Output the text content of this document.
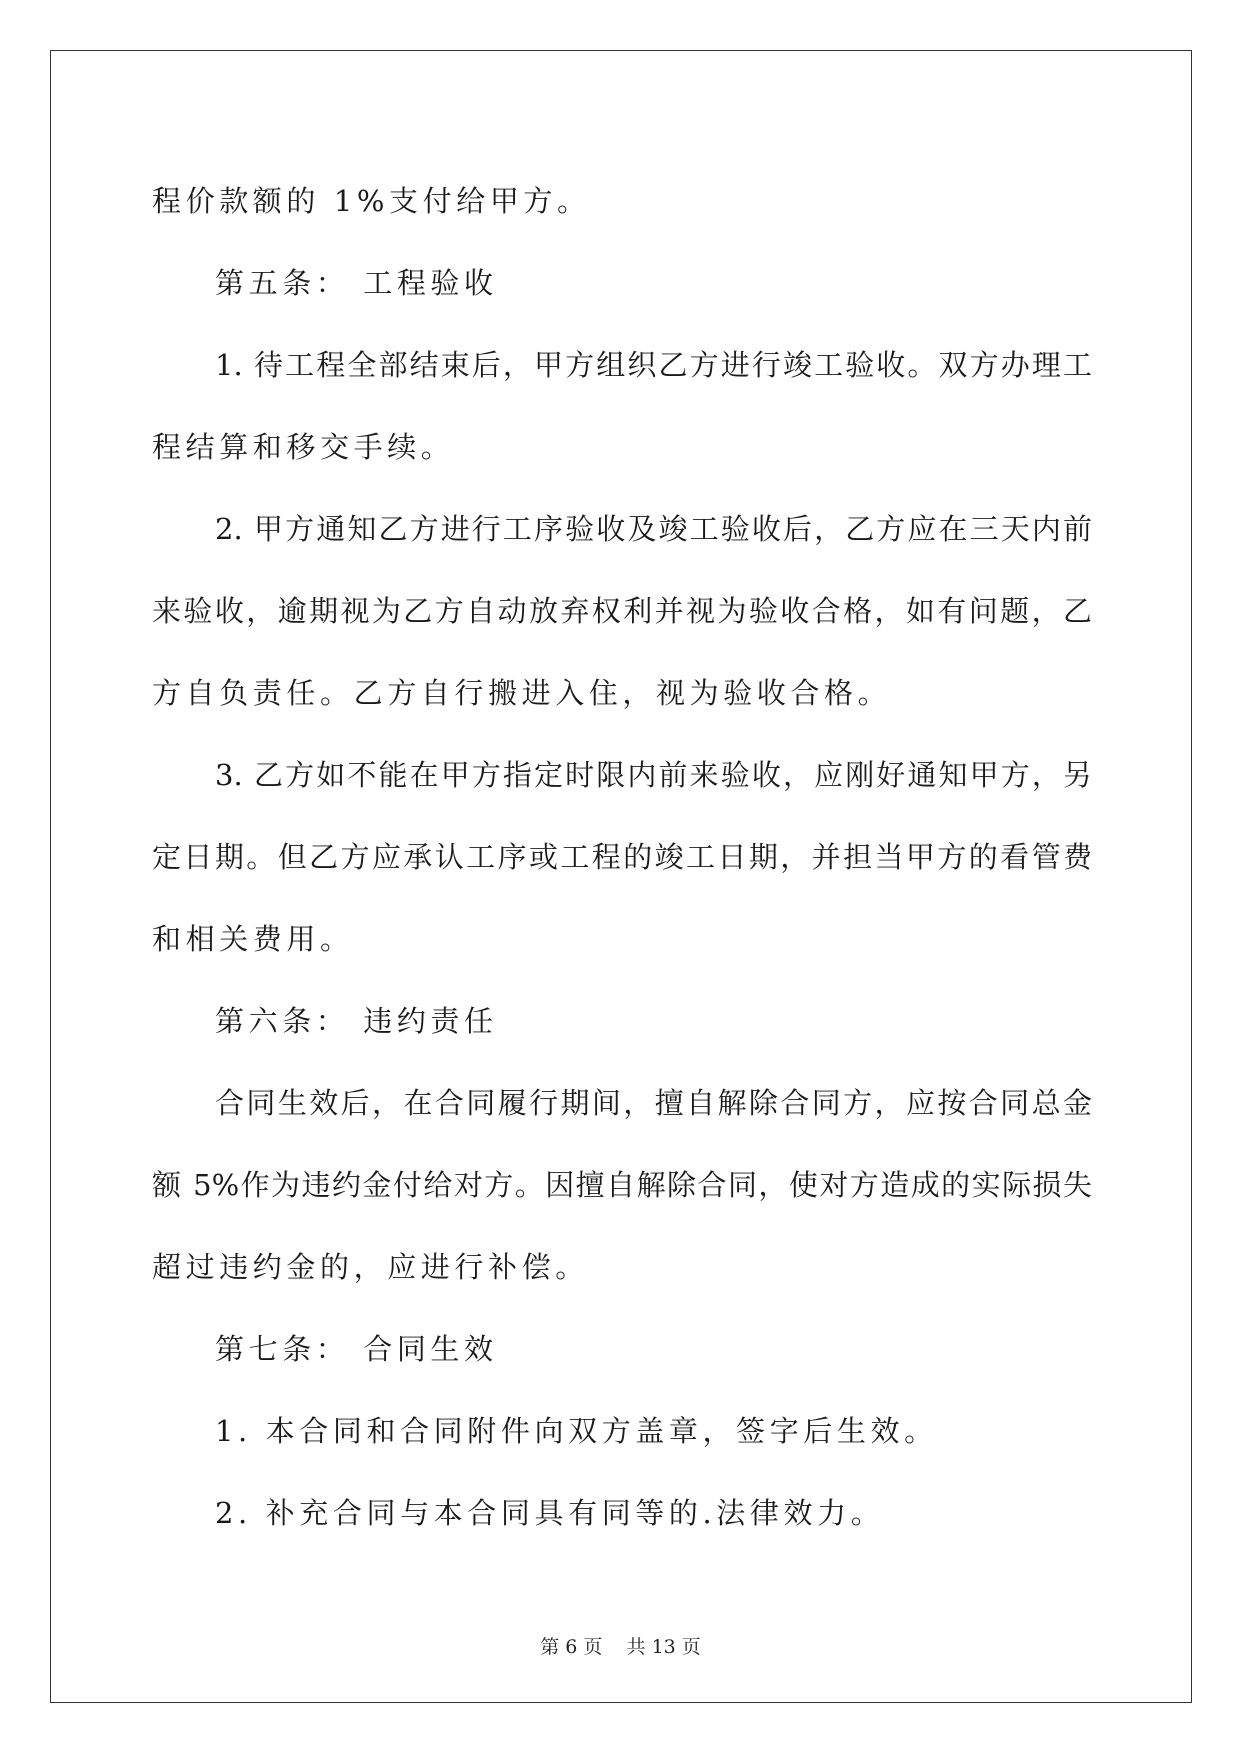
程价款额的 1%支付给甲方。
第五条： 工程验收
1. 待工程全部结束后，甲方组织乙方进行竣工验收。双方办理工
程结算和移交手续。
2. 甲方通知乙方进行工序验收及竣工验收后，乙方应在三天内前
来验收，逾期视为乙方自动放弃权利并视为验收合格，如有问题，乙
方自负责任。乙方自行搬进入住，视为验收合格。
3. 乙方如不能在甲方指定时限内前来验收，应刚好通知甲方，另
定日期。但乙方应承认工序或工程的竣工日期，并担当甲方的看管费
和相关费用。
第六条： 违约责任
合同生效后，在合同履行期间，擅自解除合同方，应按合同总金
额 5%作为违约金付给对方。因擅自解除合同，使对方造成的实际损失
超过违约金的，应进行补偿。
第七条： 合同生效
1. 本合同和合同附件向双方盖章，签字后生效。
2. 补充合同与本合同具有同等的.法律效力。
第 6 页    共 13 页
